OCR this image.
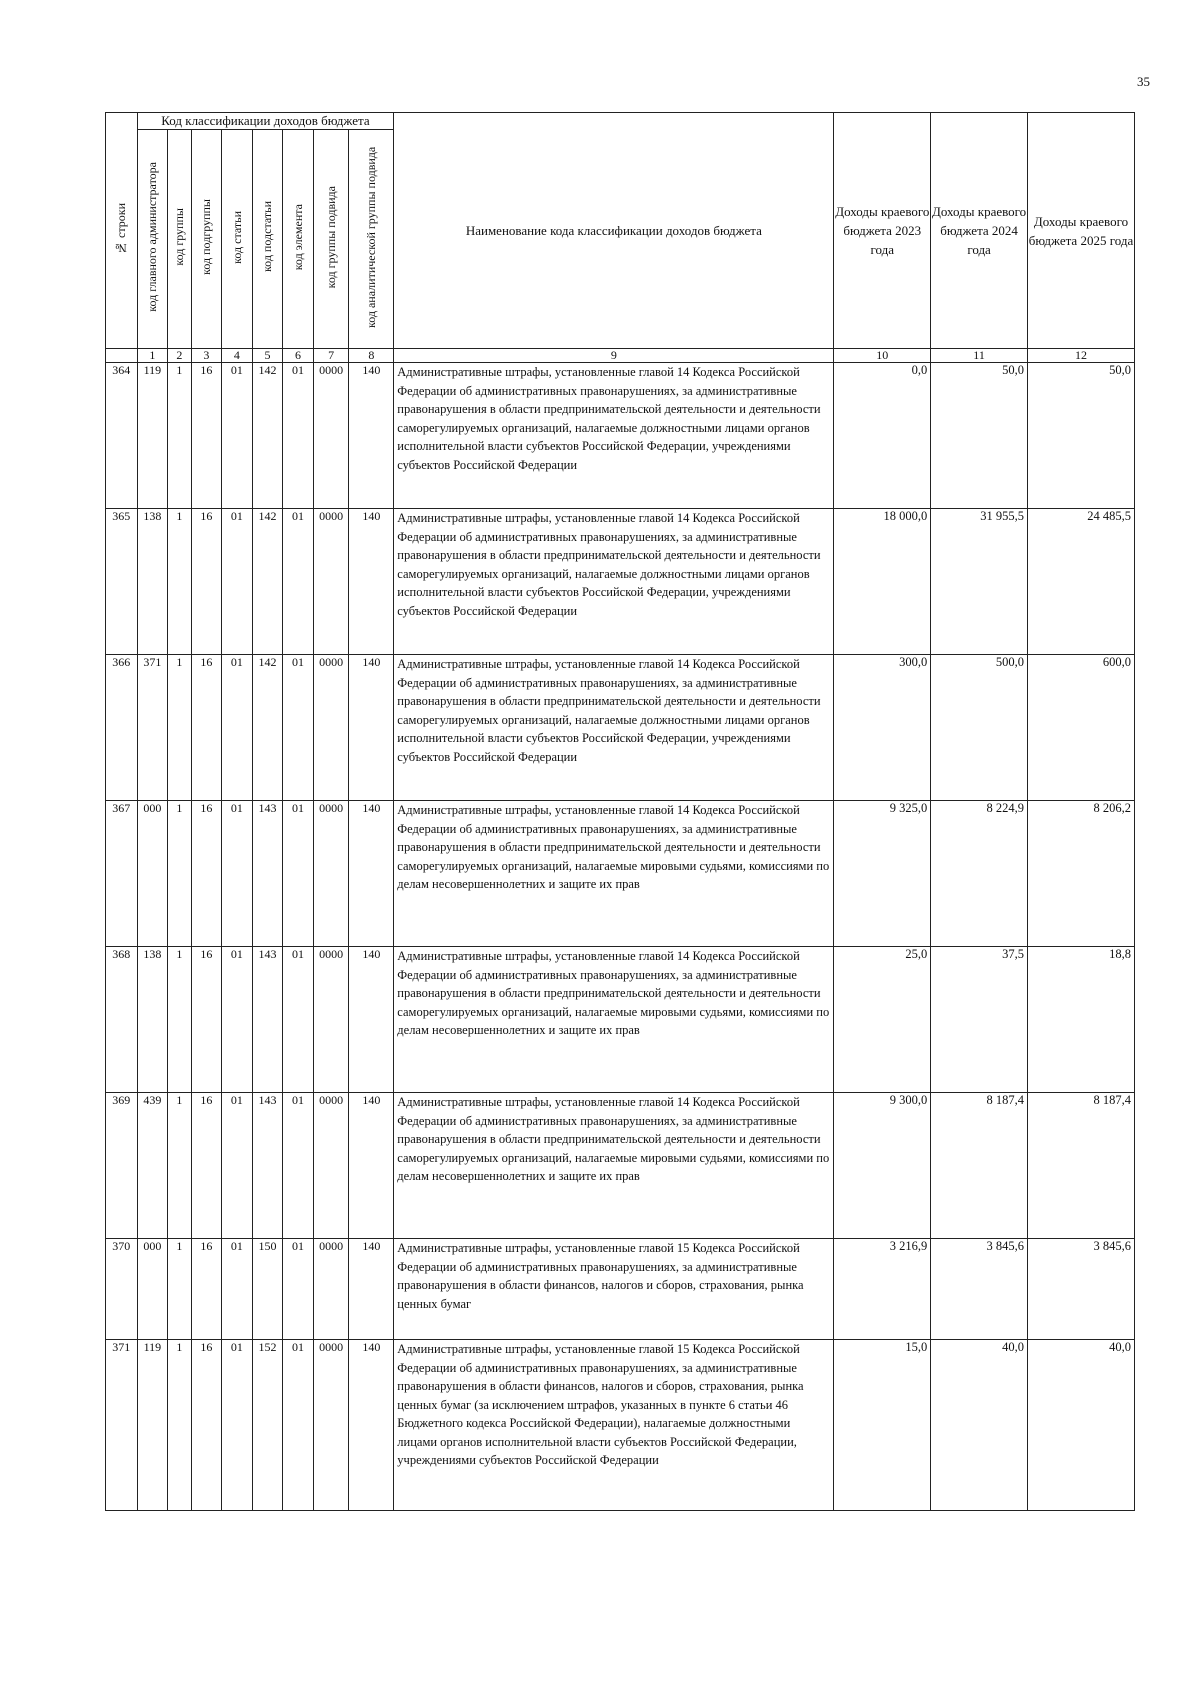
35
№ строки	Код классификации доходов бюджета								Наименование кода классификации доходов бюджета	Доходы краевого бюджета 2023 года	Доходы краевого бюджета 2024 года	Доходы краевого бюджета 2025 года
	код главного администратора	код группы	код подгруппы	код статьи	код подстатьи	код элемента	код группы подвида	код аналитической группы подвида				
	1	2	3	4	5	6	7	8	9	10	11	12
364	119	1	16	01	142	01	0000	140	Административные штрафы, установленные главой 14 Кодекса Российской Федерации об административных правонарушениях, за административные правонарушения в области предпринимательской деятельности и деятельности саморегулируемых организаций, налагаемые должностными лицами органов исполнительной власти субъектов Российской Федерации, учреждениями субъектов Российской Федерации	0,0	50,0	50,0
365	138	1	16	01	142	01	0000	140	Административные штрафы, установленные главой 14 Кодекса Российской Федерации об административных правонарушениях, за административные правонарушения в области предпринимательской деятельности и деятельности саморегулируемых организаций, налагаемые должностными лицами органов исполнительной власти субъектов Российской Федерации, учреждениями субъектов Российской Федерации	18 000,0	31 955,5	24 485,5
366	371	1	16	01	142	01	0000	140	Административные штрафы, установленные главой 14 Кодекса Российской Федерации об административных правонарушениях, за административные правонарушения в области предпринимательской деятельности и деятельности саморегулируемых организаций, налагаемые должностными лицами органов исполнительной власти субъектов Российской Федерации, учреждениями субъектов Российской Федерации	300,0	500,0	600,0
367	000	1	16	01	143	01	0000	140	Административные штрафы, установленные главой 14 Кодекса Российской Федерации об административных правонарушениях, за административные правонарушения в области предпринимательской деятельности и деятельности саморегулируемых организаций, налагаемые мировыми судьями, комиссиями по делам несовершеннолетних и защите их прав	9 325,0	8 224,9	8 206,2
368	138	1	16	01	143	01	0000	140	Административные штрафы, установленные главой 14 Кодекса Российской Федерации об административных правонарушениях, за административные правонарушения в области предпринимательской деятельности и деятельности саморегулируемых организаций, налагаемые мировыми судьями, комиссиями по делам несовершеннолетних и защите их прав	25,0	37,5	18,8
369	439	1	16	01	143	01	0000	140	Административные штрафы, установленные главой 14 Кодекса Российской Федерации об административных правонарушениях, за административные правонарушения в области предпринимательской деятельности и деятельности саморегулируемых организаций, налагаемые мировыми судьями, комиссиями по делам несовершеннолетних и защите их прав	9 300,0	8 187,4	8 187,4
370	000	1	16	01	150	01	0000	140	Административные штрафы, установленные главой 15 Кодекса Российской Федерации об административных правонарушениях, за административные правонарушения в области финансов, налогов и сборов, страхования, рынка ценных бумаг	3 216,9	3 845,6	3 845,6
371	119	1	16	01	152	01	0000	140	Административные штрафы, установленные главой 15 Кодекса Российской Федерации об административных правонарушениях, за административные правонарушения в области финансов, налогов и сборов, страхования, рынка ценных бумаг (за исключением штрафов, указанных в пункте 6 статьи 46 Бюджетного кодекса Российской Федерации), налагаемые должностными лицами органов исполнительной власти субъектов Российской Федерации, учреждениями субъектов Российской Федерации	15,0	40,0	40,0
